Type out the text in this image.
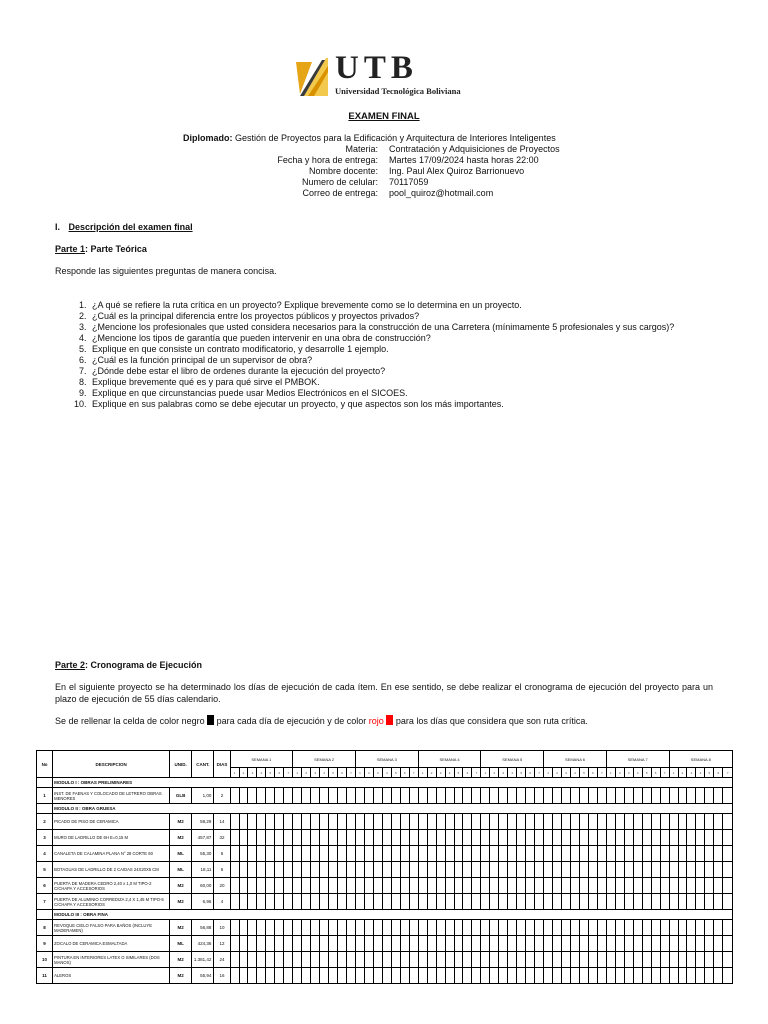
UTB
Universidad Tecnológica Boliviana
EXAMEN FINAL
Diplomado: Gestión de Proyectos para la Edificación y Arquitectura de Interiores Inteligentes
Materia: Contratación y Adquisiciones de Proyectos
Fecha y hora de entrega: Martes 17/09/2024 hasta horas 22:00
Nombre docente: Ing. Paul Alex Quiroz Barrionuevo
Numero de celular: 70117059
Correo de entrega: pool_quiroz@hotmail.com
I. Descripción del examen final
Parte 1: Parte Teórica
Responde las siguientes preguntas de manera concisa.
1. ¿A qué se refiere la ruta crítica en un proyecto? Explique brevemente como se lo determina en un proyecto.
2. ¿Cuál es la principal diferencia entre los proyectos públicos y proyectos privados?
3. ¿Mencione los profesionales que usted considera necesarios para la construcción de una Carretera (mínimamente 5 profesionales y sus cargos)?
4. ¿Mencione los tipos de garantía que pueden intervenir en una obra de construcción?
5. Explique en que consiste un contrato modificatorio, y desarrolle 1 ejemplo.
6. ¿Cuál es la función principal de un supervisor de obra?
7. ¿Dónde debe estar el libro de ordenes durante la ejecución del proyecto?
8. Explique brevemente qué es y para qué sirve el PMBOK.
9. Explique en que circunstancias puede usar Medios Electrónicos en el SICOES.
10. Explique en sus palabras como se debe ejecutar un proyecto, y que aspectos son los más importantes.
Parte 2: Cronograma de Ejecución
En el siguiente proyecto se ha determinado los días de ejecución de cada ítem. En ese sentido, se debe realizar el cronograma de ejecución del proyecto para un plazo de ejecución de 55 días calendario.
Se de rellenar la celda de color negro para cada día de ejecución y de color rojo para los días que considera que son ruta crítica.
No	DESCRIPCION	UNID.	CANT.	DIAS	SEMANA 1							SEMANA 2							SEMANA 3							SEMANA 4							SEMANA 5							SEMANA 6							SEMANA 7							SEMANA 8						
					1	2	3	4	5	6	7	1	2	3	4	5	6	7	1	2	3	4	5	6	7	1	2	3	4	5	6	7	1	2	3	4	5	6	7	1	2	3	4	5	6	7	1	2	3	4	5	6	7	1	2	3	4	5	6	7
	MODULO I : OBRAS PRELIMINARES																																																											
1	INST. DE FAENAS Y COLOCADO DE LETRERO OBRAS MENORES	GLB	1,00	2																																																								
	MODULO II : OBRA GRUESA																																																											
2	PICADO DE PISO DE CERAMICA	M2	59,29	14																																																								
3	MURO DE LADRILLO DE 6H E=0,15 M	M2	457,87	32																																																								
4	CANALETA DE CALAMINA PLANA N° 28 CORTE 60	ML	55,30	6																																																								
5	BOTAGUAS DE LADRILLO DE 2 CAIDAS 24X20X5 CM	ML	18,11	6																																																								
6	PUERTA DE MADERA CEDRO 2,40 x 1,0 M TIPO-2 C/CHAPA Y ACCESORIOS	M2	60,00	20																																																								
7	PUERTA DE ALUMINIO CORREDIZA 2,4 X 1,45 M TIPO-5 C/CHAPA Y ACCESORIOS	M2	6,96	4																																																								
	MODULO III : OBRA FINA																																																											
8	REVOQUE CIELO FALSO PARA BAÑOS (INCLUYE MADERAMEN)	M2	56,88	10																																																								
9	ZOCALO DE CERAMICA ESMALTADA	ML	424,36	12																																																								
10	PINTURA EN INTERIORES LATEX O SIMILARES (DOS MANOS)	M2	1.381,42	24																																																								
11	ALEROS	M2	55,94	16																																																								
